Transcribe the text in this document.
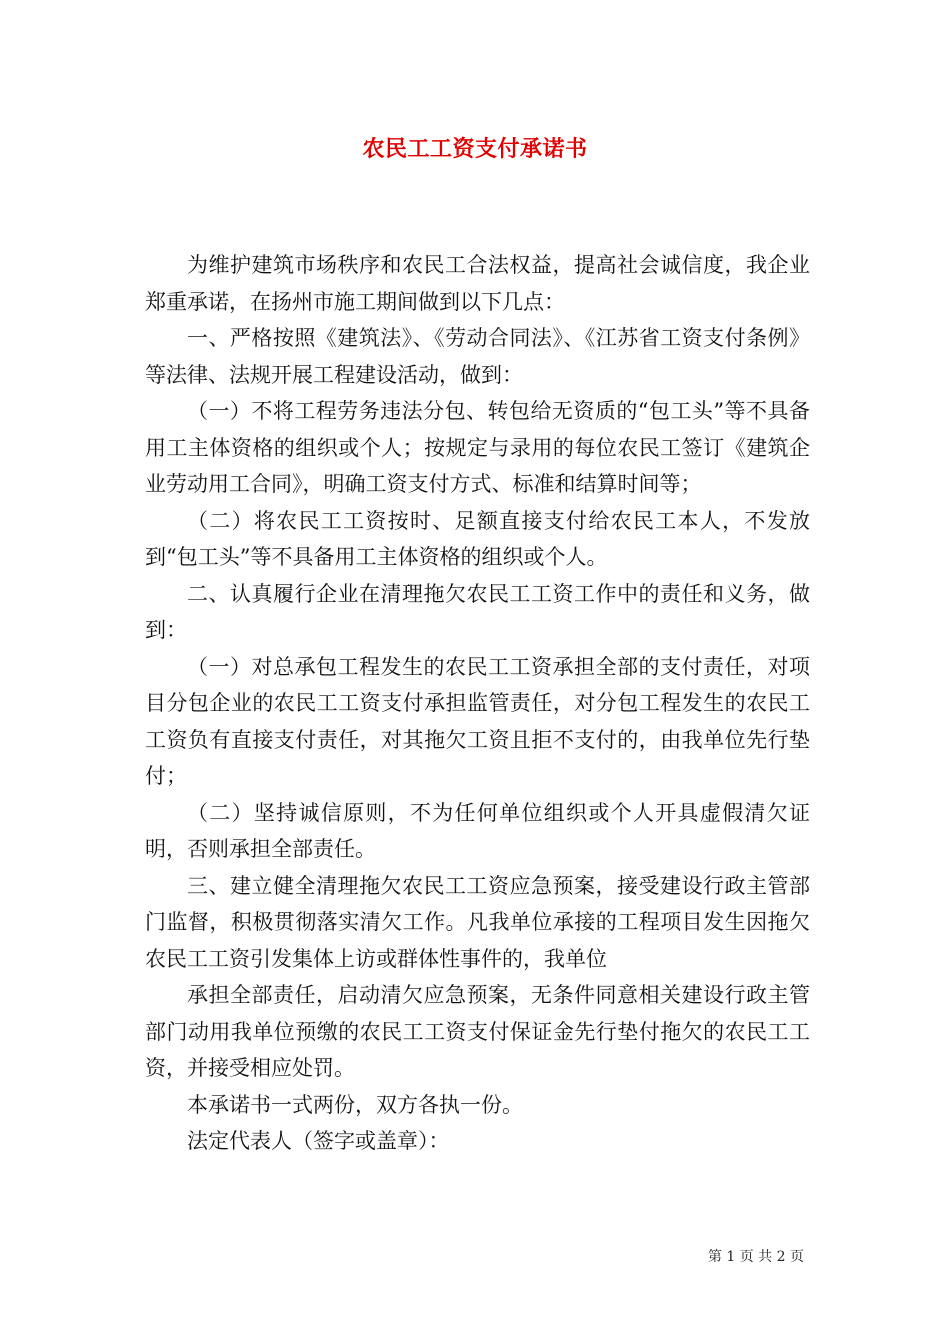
农民工工资支付承诺书

为维护建筑市场秩序和农民工合法权益，提高社会诚信度，我企业郑重承诺，在扬州市施工期间做到以下几点：

一、严格按照《建筑法》、《劳动合同法》、《江苏省工资支付条例》等法律、法规开展工程建设活动，做到：

（一）不将工程劳务违法分包、转包给无资质的“包工头”等不具备用工主体资格的组织或个人；按规定与录用的每位农民工签订《建筑企业劳动用工合同》，明确工资支付方式、标准和结算时间等；

（二）将农民工工资按时、足额直接支付给农民工本人，不发放到“包工头”等不具备用工主体资格的组织或个人。

二、认真履行企业在清理拖欠农民工工资工作中的责任和义务，做到：

（一）对总承包工程发生的农民工工资承担全部的支付责任，对项目分包企业的农民工工资支付承担监管责任，对分包工程发生的农民工工资负有直接支付责任，对其拖欠工资且拒不支付的，由我单位先行垫付；

（二）坚持诚信原则，不为任何单位组织或个人开具虚假清欠证明，否则承担全部责任。

三、建立健全清理拖欠农民工工资应急预案，接受建设行政主管部门监督，积极贯彻落实清欠工作。凡我单位承接的工程项目发生因拖欠农民工工资引发集体上访或群体性事件的，我单位

承担全部责任，启动清欠应急预案，无条件同意相关建设行政主管部门动用我单位预缴的农民工工资支付保证金先行垫付拖欠的农民工工资，并接受相应处罚。

本承诺书一式两份，双方各执一份。

法定代表人（签字或盖章）：

第 1 页 共 2 页
